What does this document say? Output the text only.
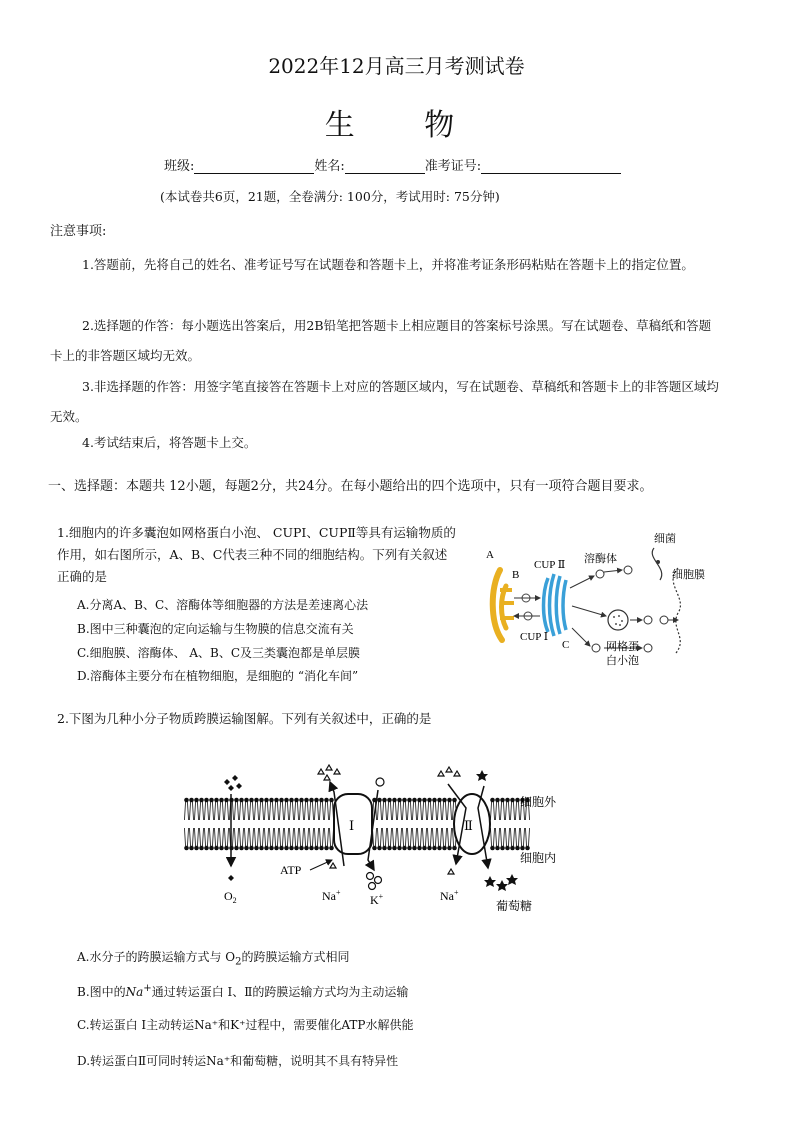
2022年12月高三月考测试卷
生 物
班级:	姓名:	准考证号:
(本试卷共6页，21题，全卷满分: 100分，考试用时: 75分钟)
注意事项:
1.答题前，先将自己的姓名、准考证号写在试题卷和答题卡上，并将准考证条形码粘贴在答题卡上的指定位置。
2.选择题的作答：每小题选出答案后，用2B铅笔把答题卡上相应题目的答案标号涂黑。写在试题卷、草稿纸和答题卡上的非答题区域均无效。
3.非选择题的作答：用签字笔直接答在答题卡上对应的答题区域内，写在试题卷、草稿纸和答题卡上的非答题区域均无效。
4.考试结束后，将答题卡上交。
一、选择题：本题共 12小题，每题2分，共24分。在每小题给出的四个选项中，只有一项符合题目要求。
1.细胞内的许多囊泡如网格蛋白小泡、 CUPⅠ、CUPⅡ等具有运输物质的
作用，如右图所示，A、B、C代表三种不同的细胞结构。下列有关叙述
正确的是
A.分离A、B、C、溶酶体等细胞器的方法是差速离心法
B.图中三种囊泡的定向运输与生物膜的信息交流有关
C.细胞膜、溶酶体、 A、B、C及三类囊泡都是单层膜
D.溶酶体主要分布在植物细胞，是细胞的 “消化车间”
A
B
C
CUP Ⅱ
CUP Ⅰ
溶酶体
细菌
细胞膜
网格蛋
白小泡
2.下图为几种小分子物质跨膜运输图解。下列有关叙述中，正确的是
Ⅰ	Ⅱ
$O_2$
ATP
Na+
K+	Na+
葡萄糖
细胞外
细胞内
A.水分子的跨膜运输方式与 $O_2$的跨膜运输方式相同
B.图中的Na+通过转运蛋白 Ⅰ、Ⅱ的跨膜运输方式均为主动运输
C.转运蛋白 Ⅰ主动转运Na⁺和K⁺过程中，需要催化ATP水解供能
D.转运蛋白Ⅱ可同时转运Na⁺和葡萄糖，说明其不具有特异性
